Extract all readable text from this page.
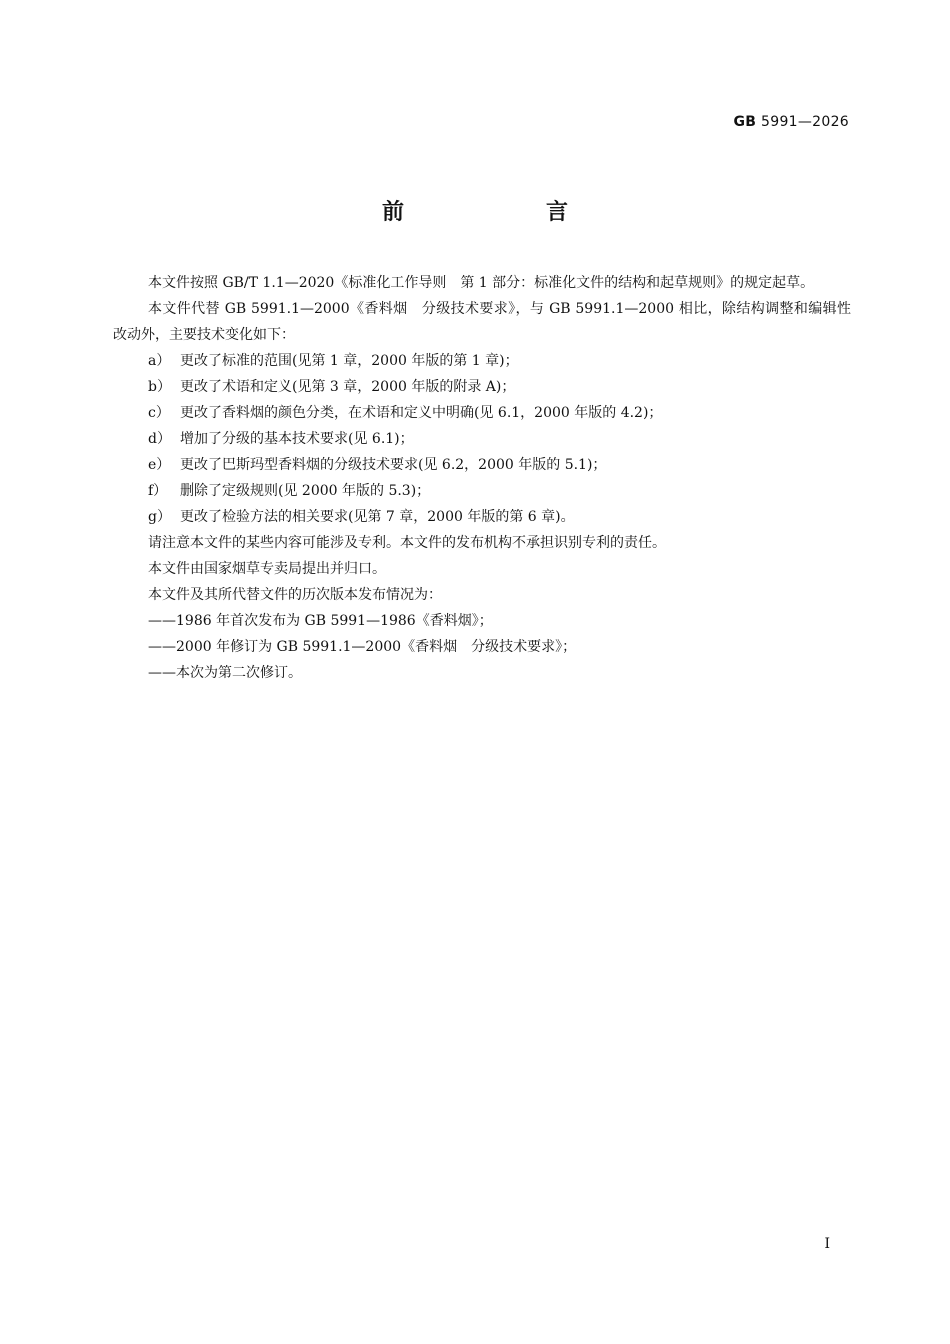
GB 5991—2026
前　言

本文件按照 GB/T 1.1—2020《标准化工作导则　第 1 部分：标准化文件的结构和起草规则》的规定起草。

本文件代替 GB 5991.1—2000《香料烟　分级技术要求》，与 GB 5991.1—2000 相比，除结构调整和编辑性改动外，主要技术变化如下：

a） 更改了标准的范围(见第 1 章，2000 年版的第 1 章)；

b） 更改了术语和定义(见第 3 章，2000 年版的附录 A)；

c） 更改了香料烟的颜色分类，在术语和定义中明确(见 6.1，2000 年版的 4.2)；

d） 增加了分级的基本技术要求(见 6.1)；

e） 更改了巴斯玛型香料烟的分级技术要求(见 6.2，2000 年版的 5.1)；

f） 删除了定级规则(见 2000 年版的 5.3)；

g） 更改了检验方法的相关要求(见第 7 章，2000 年版的第 6 章)。

请注意本文件的某些内容可能涉及专利。本文件的发布机构不承担识别专利的责任。

本文件由国家烟草专卖局提出并归口。

本文件及其所代替文件的历次版本发布情况为：

——1986 年首次发布为 GB 5991—1986《香料烟》；

——2000 年修订为 GB 5991.1—2000《香料烟　分级技术要求》；

——本次为第二次修订。

I
